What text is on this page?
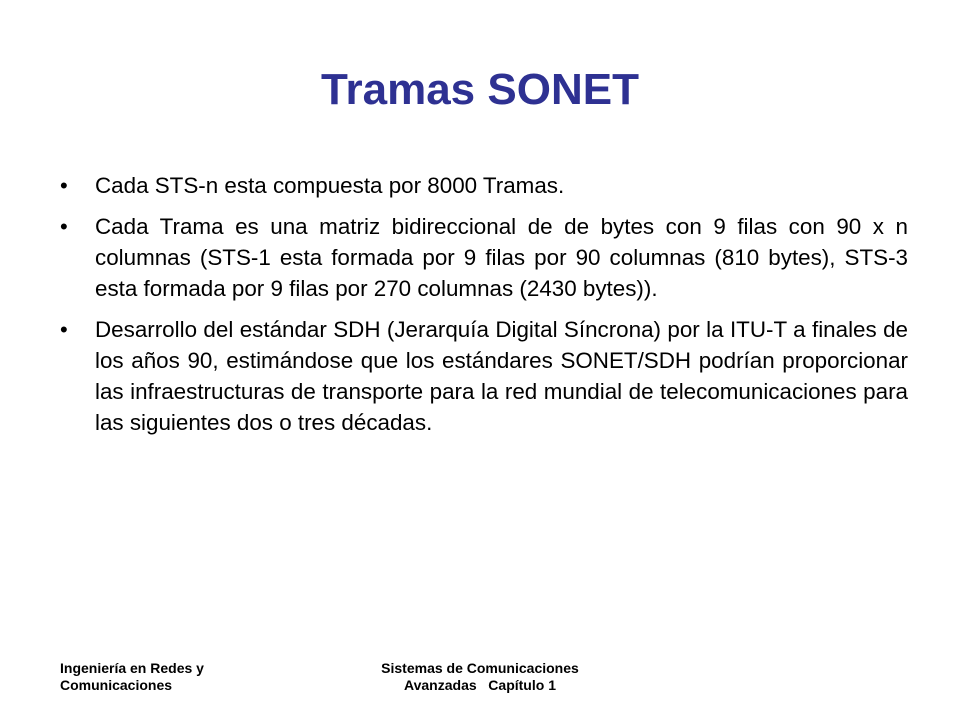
Tramas SONET
•	Cada STS-n esta compuesta por 8000 Tramas.
•	Cada Trama es una matriz bidireccional de de bytes con 9 filas con 90 x n columnas (STS-1 esta formada por 9 filas por 90 columnas (810 bytes), STS-3 esta formada por 9 filas por 270 columnas (2430 bytes)).
•	Desarrollo del estándar SDH (Jerarquía Digital Síncrona) por la ITU-T a finales de los años 90, estimándose que los estándares SONET/SDH podrían proporcionar las infraestructuras de transporte para la red mundial de telecomunicaciones para las siguientes dos o tres décadas.
Ingeniería en Redes y
Comunicaciones
Sistemas de Comunicaciones
Avanzadas   Capítulo 1
